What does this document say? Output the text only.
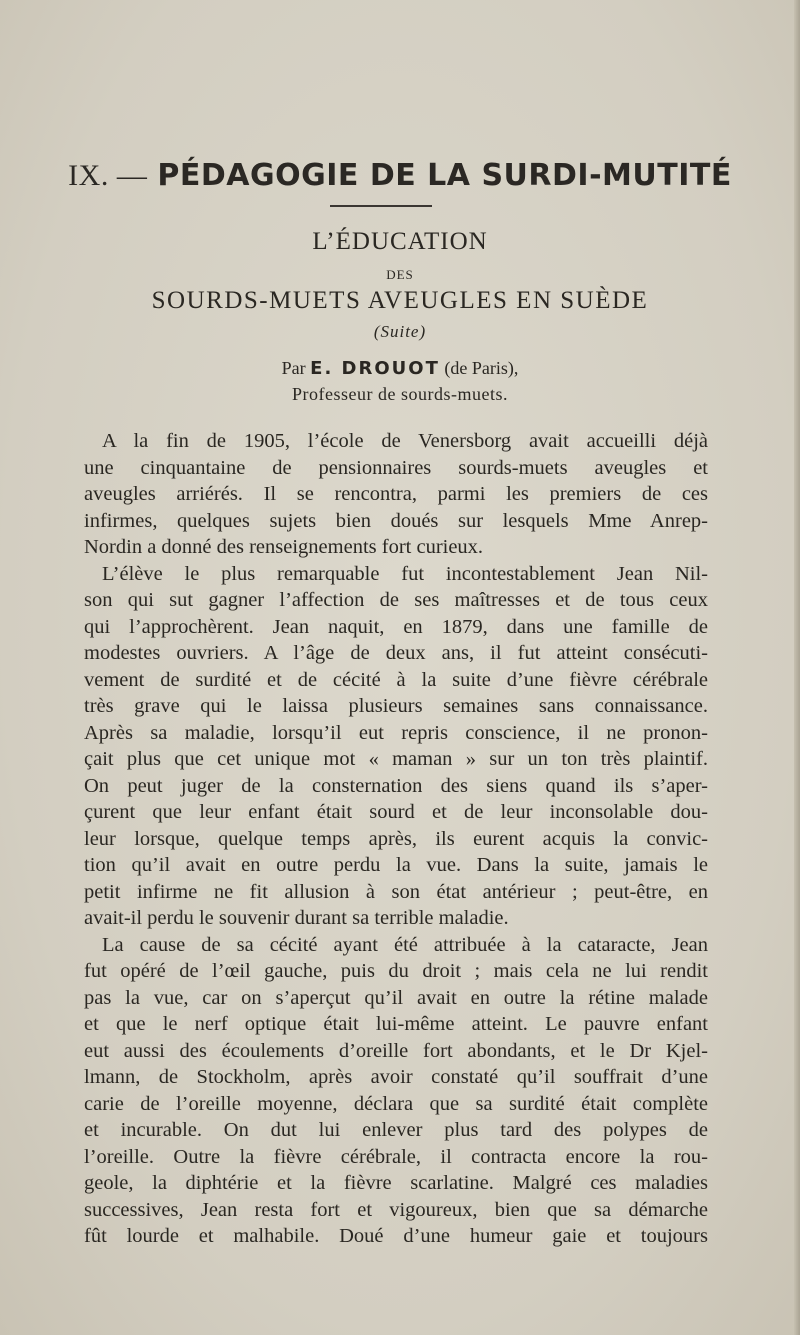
IX. — PÉDAGOGIE DE LA SURDI-MUTITÉ
L’ÉDUCATION
DES
SOURDS-MUETS AVEUGLES EN SUÈDE
(Suite)
Par E. DROUOT (de Paris),
Professeur de sourds-muets.
A la fin de 1905, l’école de Venersborg avait accueilli déjà
une cinquantaine de pensionnaires sourds-muets aveugles et
aveugles arriérés. Il se rencontra, parmi les premiers de ces
infirmes, quelques sujets bien doués sur lesquels Mme Anrep-
Nordin a donné des renseignements fort curieux.
L’élève le plus remarquable fut incontestablement Jean Nil-
son qui sut gagner l’affection de ses maîtresses et de tous ceux
qui l’approchèrent. Jean naquit, en 1879, dans une famille de
modestes ouvriers. A l’âge de deux ans, il fut atteint consécuti-
vement de surdité et de cécité à la suite d’une fièvre cérébrale
très grave qui le laissa plusieurs semaines sans connaissance.
Après sa maladie, lorsqu’il eut repris conscience, il ne pronon-
çait plus que cet unique mot « maman » sur un ton très plaintif.
On peut juger de la consternation des siens quand ils s’aper-
çurent que leur enfant était sourd et de leur inconsolable dou-
leur lorsque, quelque temps après, ils eurent acquis la convic-
tion qu’il avait en outre perdu la vue. Dans la suite, jamais le
petit infirme ne fit allusion à son état antérieur ; peut-être, en
avait-il perdu le souvenir durant sa terrible maladie.
La cause de sa cécité ayant été attribuée à la cataracte, Jean
fut opéré de l’œil gauche, puis du droit ; mais cela ne lui rendit
pas la vue, car on s’aperçut qu’il avait en outre la rétine malade
et que le nerf optique était lui-même atteint. Le pauvre enfant
eut aussi des écoulements d’oreille fort abondants, et le Dr Kjel-
lmann, de Stockholm, après avoir constaté qu’il souffrait d’une
carie de l’oreille moyenne, déclara que sa surdité était complète
et incurable. On dut lui enlever plus tard des polypes de
l’oreille. Outre la fièvre cérébrale, il contracta encore la rou-
geole, la diphtérie et la fièvre scarlatine. Malgré ces maladies
successives, Jean resta fort et vigoureux, bien que sa démarche
fût lourde et malhabile. Doué d’une humeur gaie et toujours
